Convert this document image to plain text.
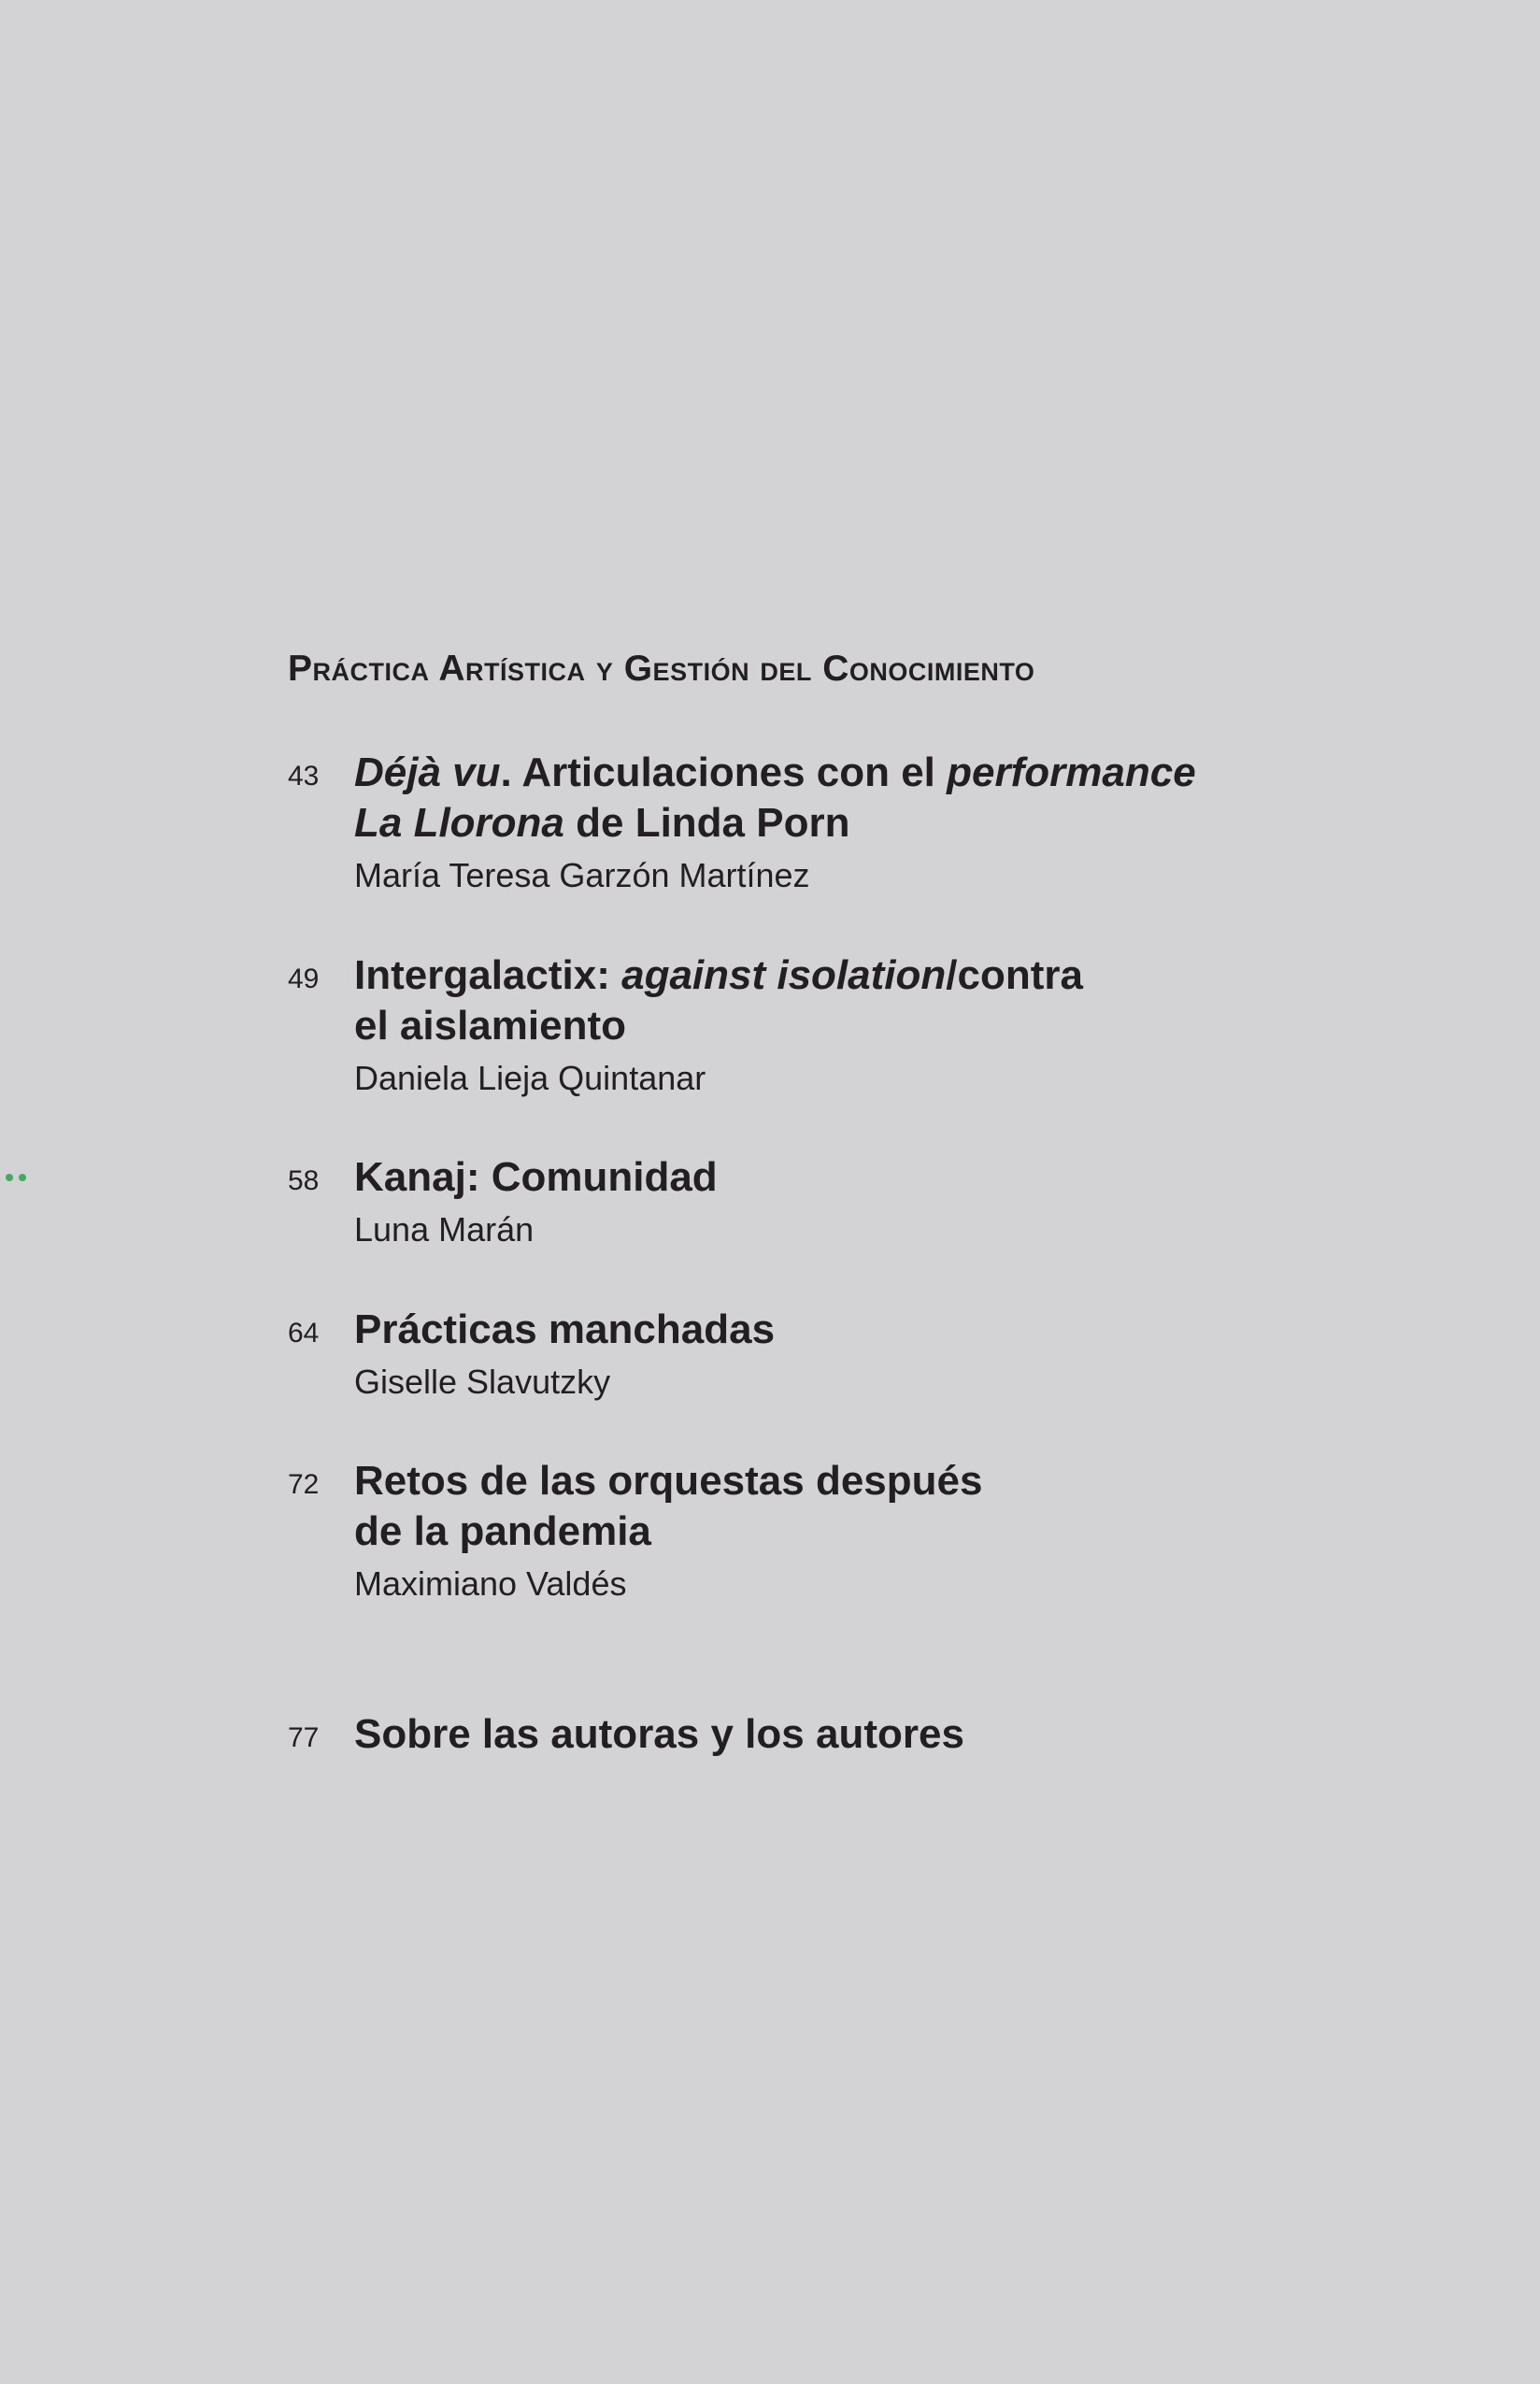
Práctica Artística y Gestión del Conocimiento
43 Déjà vu. Articulaciones con el performance
La Llorona de Linda Porn
María Teresa Garzón Martínez
49 Intergalactix: against isolation/contra
el aislamiento
Daniela Lieja Quintanar
58 Kanaj: Comunidad
Luna Marán
64 Prácticas manchadas
Giselle Slavutzky
72 Retos de las orquestas después
de la pandemia
Maximiano Valdés
77 Sobre las autoras y los autores
